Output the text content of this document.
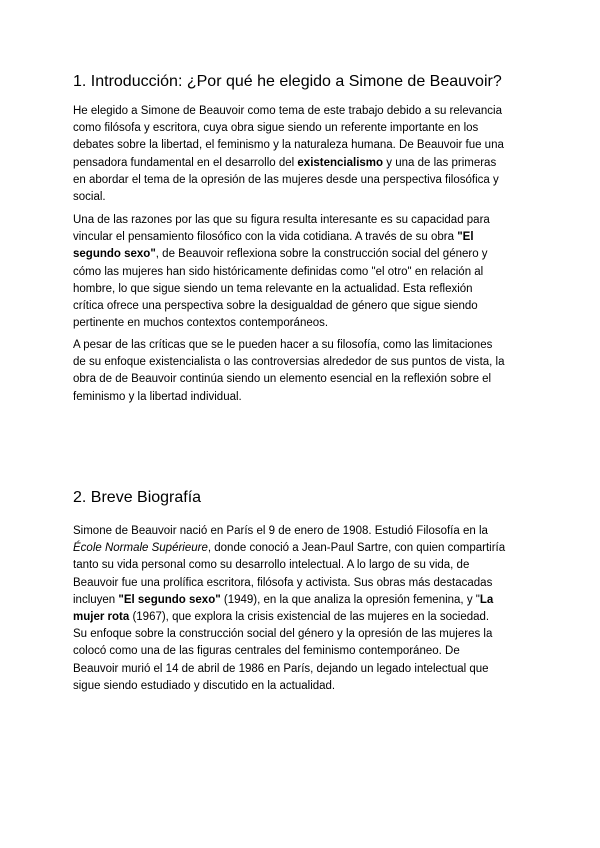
1. Introducción: ¿Por qué he elegido a Simone de Beauvoir?

He elegido a Simone de Beauvoir como tema de este trabajo debido a su relevancia
como filósofa y escritora, cuya obra sigue siendo un referente importante en los
debates sobre la libertad, el feminismo y la naturaleza humana. De Beauvoir fue una
pensadora fundamental en el desarrollo del existencialismo y una de las primeras
en abordar el tema de la opresión de las mujeres desde una perspectiva filosófica y
social.

Una de las razones por las que su figura resulta interesante es su capacidad para
vincular el pensamiento filosófico con la vida cotidiana. A través de su obra "El
segundo sexo", de Beauvoir reflexiona sobre la construcción social del género y
cómo las mujeres han sido históricamente definidas como "el otro" en relación al
hombre, lo que sigue siendo un tema relevante en la actualidad. Esta reflexión
crítica ofrece una perspectiva sobre la desigualdad de género que sigue siendo
pertinente en muchos contextos contemporáneos.

A pesar de las críticas que se le pueden hacer a su filosofía, como las limitaciones
de su enfoque existencialista o las controversias alrededor de sus puntos de vista, la
obra de de Beauvoir continúa siendo un elemento esencial en la reflexión sobre el
feminismo y la libertad individual.

2. Breve Biografía

Simone de Beauvoir nació en París el 9 de enero de 1908. Estudió Filosofía en la
École Normale Supérieure, donde conoció a Jean-Paul Sartre, con quien compartiría
tanto su vida personal como su desarrollo intelectual. A lo largo de su vida, de
Beauvoir fue una prolífica escritora, filósofa y activista. Sus obras más destacadas
incluyen "El segundo sexo" (1949), en la que analiza la opresión femenina, y "La
mujer rota (1967), que explora la crisis existencial de las mujeres en la sociedad.
Su enfoque sobre la construcción social del género y la opresión de las mujeres la
colocó como una de las figuras centrales del feminismo contemporáneo. De
Beauvoir murió el 14 de abril de 1986 en París, dejando un legado intelectual que
sigue siendo estudiado y discutido en la actualidad.
